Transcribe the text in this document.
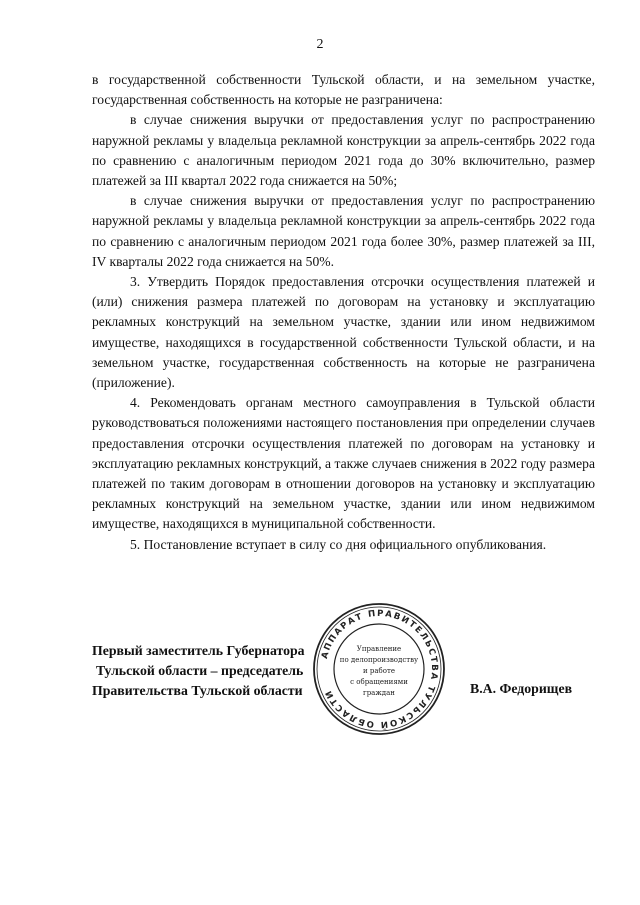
2

в государственной собственности Тульской области, и на земельном участке, государственная собственность на которые не разграничена:

в случае снижения выручки от предоставления услуг по распространению наружной рекламы у владельца рекламной конструкции за апрель-сентябрь 2022 года по сравнению с аналогичным периодом 2021 года до 30% включительно, размер платежей за III квартал 2022 года снижается на 50%;

в случае снижения выручки от предоставления услуг по распространению наружной рекламы у владельца рекламной конструкции за апрель-сентябрь 2022 года по сравнению с аналогичным периодом 2021 года более 30%, размер платежей за III, IV кварталы 2022 года снижается на 50%.

3. Утвердить Порядок предоставления отсрочки осуществления платежей и (или) снижения размера платежей по договорам на установку и эксплуатацию рекламных конструкций на земельном участке, здании или ином недвижимом имуществе, находящихся в государственной собственности Тульской области, и на земельном участке, государственная собственность на которые не разграничена (приложение).

4. Рекомендовать органам местного самоуправления в Тульской области руководствоваться положениями настоящего постановления при определении случаев предоставления отсрочки осуществления платежей по договорам на установку и эксплуатацию рекламных конструкций, а также случаев снижения в 2022 году размера платежей по таким договорам в отношении договоров на установку и эксплуатацию рекламных конструкций на земельном участке, здании или ином недвижимом имуществе, находящихся в муниципальной собственности.

5. Постановление вступает в силу со дня официального опубликования.

АППАРАТ ПРАВИТЕЛЬСТВА ТУЛЬСКОЙ ОБЛАСТИ
Управление
по делопроизводству
и работе
с обращениями
граждан
Первый заместитель Губернатора
Тульской области – председатель
Правительства Тульской области	В.А. Федорищев
